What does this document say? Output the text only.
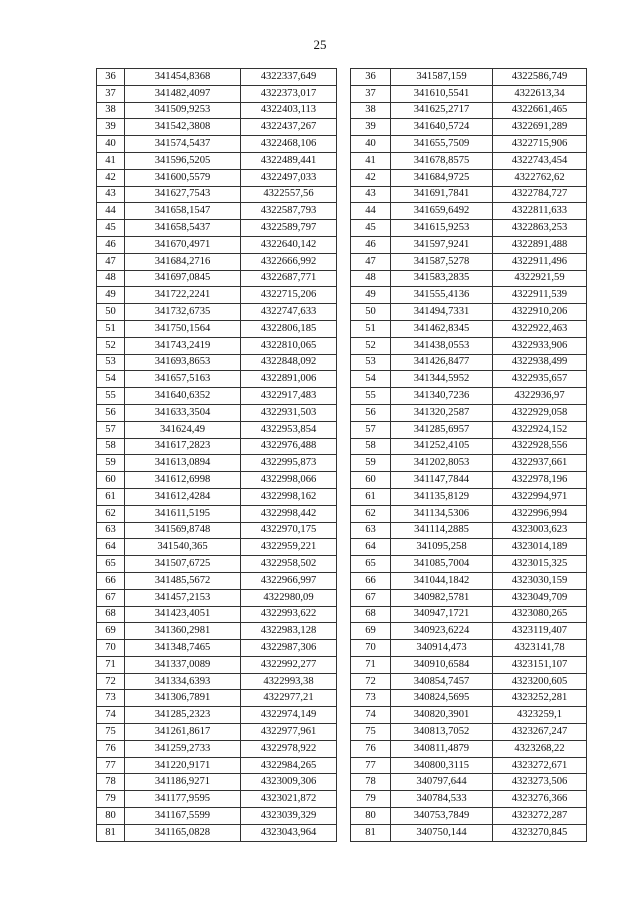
25
36	341454,8368	4322337,649
37	341482,4097	4322373,017
38	341509,9253	4322403,113
39	341542,3808	4322437,267
40	341574,5437	4322468,106
41	341596,5205	4322489,441
42	341600,5579	4322497,033
43	341627,7543	4322557,56
44	341658,1547	4322587,793
45	341658,5437	4322589,797
46	341670,4971	4322640,142
47	341684,2716	4322666,992
48	341697,0845	4322687,771
49	341722,2241	4322715,206
50	341732,6735	4322747,633
51	341750,1564	4322806,185
52	341743,2419	4322810,065
53	341693,8653	4322848,092
54	341657,5163	4322891,006
55	341640,6352	4322917,483
56	341633,3504	4322931,503
57	341624,49	4322953,854
58	341617,2823	4322976,488
59	341613,0894	4322995,873
60	341612,6998	4322998,066
61	341612,4284	4322998,162
62	341611,5195	4322998,442
63	341569,8748	4322970,175
64	341540,365	4322959,221
65	341507,6725	4322958,502
66	341485,5672	4322966,997
67	341457,2153	4322980,09
68	341423,4051	4322993,622
69	341360,2981	4322983,128
70	341348,7465	4322987,306
71	341337,0089	4322992,277
72	341334,6393	4322993,38
73	341306,7891	4322977,21
74	341285,2323	4322974,149
75	341261,8617	4322977,961
76	341259,2733	4322978,922
77	341220,9171	4322984,265
78	341186,9271	4323009,306
79	341177,9595	4323021,872
80	341167,5599	4323039,329
81	341165,0828	4323043,964
36	341587,159	4322586,749
37	341610,5541	4322613,34
38	341625,2717	4322661,465
39	341640,5724	4322691,289
40	341655,7509	4322715,906
41	341678,8575	4322743,454
42	341684,9725	4322762,62
43	341691,7841	4322784,727
44	341659,6492	4322811,633
45	341615,9253	4322863,253
46	341597,9241	4322891,488
47	341587,5278	4322911,496
48	341583,2835	4322921,59
49	341555,4136	4322911,539
50	341494,7331	4322910,206
51	341462,8345	4322922,463
52	341438,0553	4322933,906
53	341426,8477	4322938,499
54	341344,5952	4322935,657
55	341340,7236	4322936,97
56	341320,2587	4322929,058
57	341285,6957	4322924,152
58	341252,4105	4322928,556
59	341202,8053	4322937,661
60	341147,7844	4322978,196
61	341135,8129	4322994,971
62	341134,5306	4322996,994
63	341114,2885	4323003,623
64	341095,258	4323014,189
65	341085,7004	4323015,325
66	341044,1842	4323030,159
67	340982,5781	4323049,709
68	340947,1721	4323080,265
69	340923,6224	4323119,407
70	340914,473	4323141,78
71	340910,6584	4323151,107
72	340854,7457	4323200,605
73	340824,5695	4323252,281
74	340820,3901	4323259,1
75	340813,7052	4323267,247
76	340811,4879	4323268,22
77	340800,3115	4323272,671
78	340797,644	4323273,506
79	340784,533	4323276,366
80	340753,7849	4323272,287
81	340750,144	4323270,845
